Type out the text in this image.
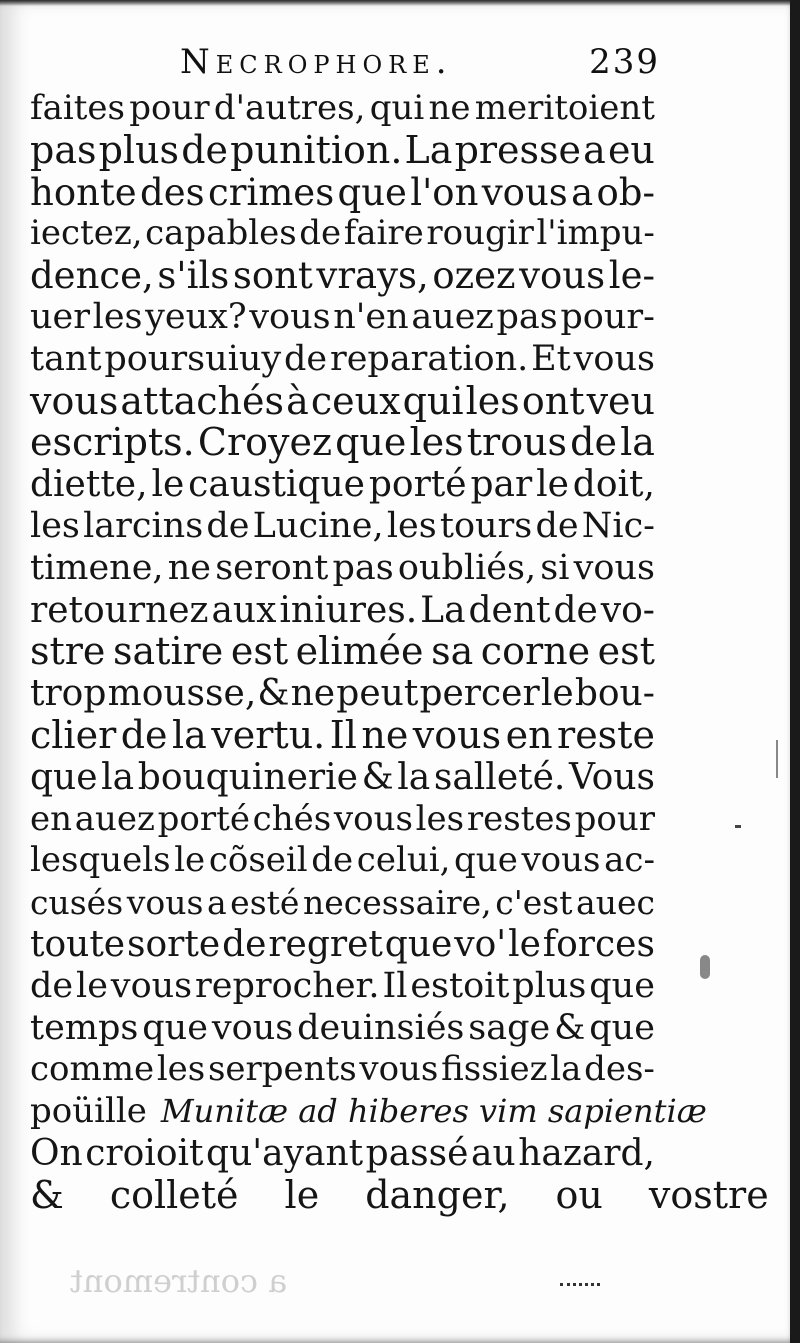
Necrophore.	239
faites pour d'autres, qui ne meritoient
pas plus de punition. La presse a eu
honte des crimes que l'on vous a ob-
iectez, capables de faire rougir l'impu-
dence, s'ils sont vrays, ozez vous le-
uer les yeux? vous n'en auez pas pour-
tant poursuiuy de reparation. Et vous
vous attachés à ceux qui les ont veu
escripts. Croyez que les trous de la
diette, le caustique porté par le doit,
les larcins de Lucine, les tours de Nic-
timene, ne seront pas oubliés, si vous
retournez aux iniures. La dent de vo-
stre satire est elimée sa corne est
trop mousse, & ne peut percer le bou-
clier de la vertu. Il ne vous en reste
que la bouquinerie & la salleté. Vous
en auez porté chés vous les restes pour
lesquels le cõseil de celui, que vous ac-
cusés vous a esté necessaire, c'est auec
toute sorte de regret que vo' le forces
de le vous reprocher. Il estoit plus que
temps que vous deuinsiés sage & que
comme les serpents vous fissiez la des-
poüille Munitæ ad hiberes vim sapientiæ
On croioit qu'ayant passé au hazard,
& colleté le danger, ou vostre
a contremont
